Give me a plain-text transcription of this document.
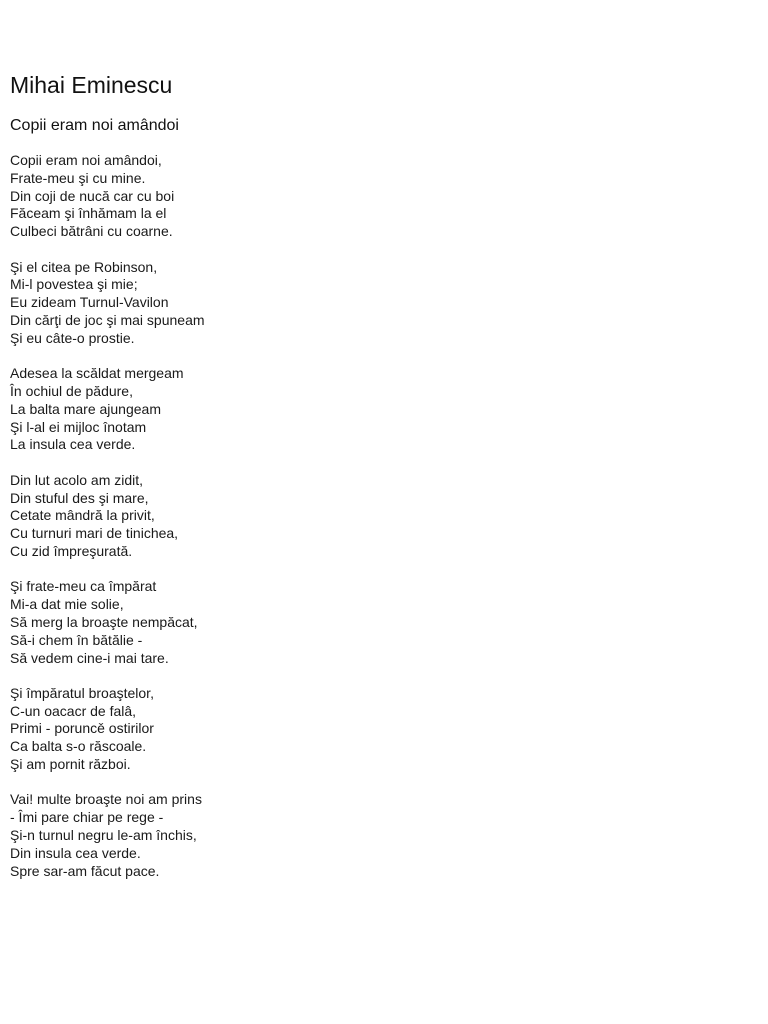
Mihai Eminescu
Copii eram noi amândoi
Copii eram noi amândoi,
Frate-meu şi cu mine.
Din coji de nucă car cu boi
Făceam şi înhămam la el
Culbeci bătrâni cu coarne.
Şi el citea pe Robinson,
Mi-l povestea şi mie;
Eu zideam Turnul-Vavilon
Din cărţi de joc şi mai spuneam
Şi eu câte-o prostie.
Adesea la scăldat mergeam
În ochiul de pădure,
La balta mare ajungeam
Şi l-al ei mijloc înotam
La insula cea verde.
Din lut acolo am zidit,
Din stuful des şi mare,
Cetate mândră la privit,
Cu turnuri mari de tinichea,
Cu zid împreşurată.
Şi frate-meu ca împărat
Mi-a dat mie solie,
Să merg la broaşte nempăcat,
Să-i chem în bătălie -
Să vedem cine-i mai tare.
Şi împăratul broaştelor,
C-un oacacr de falâ,
Primi - poruncě ostirilor
Ca balta s-o răscoale.
Şi am pornit război.
Vai! multe broaşte noi am prins
- Îmi pare chiar pe rege -
Şi-n turnul negru le-am închis,
Din insula cea verde.
Spre sar-am făcut pace.
